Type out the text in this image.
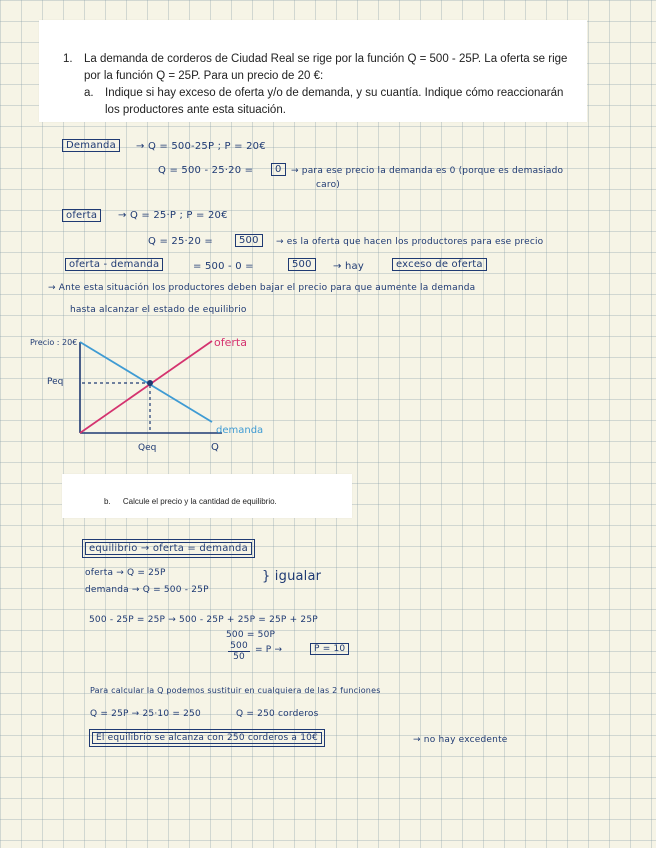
1. La demanda de corderos de Ciudad Real se rige por la función Q = 500 - 25P. La oferta se rige
por la función Q = 25P. Para un precio de 20 €:
a. Indique si hay exceso de oferta y/o de demanda, y su cuantía. Indique cómo reaccionarán
los productores ante esta situación.
Demanda	→ Q = 500-25P ; P = 20€
Q = 500 - 25·20 =	0	→ para ese precio la demanda es 0 (porque es demasiado
caro)
oferta	→ Q = 25·P ; P = 20€
Q = 25·20 =	500	→ es la oferta que hacen los productores para ese precio
oferta - demanda	= 500 - 0 =	500	→ hay	exceso de oferta
→ Ante esta situación los productores deben bajar el precio para que aumente la demanda
hasta alcanzar el estado de equilibrio
Precio : 20€
Peq
Qeq	Q
oferta
demanda
b. Calcule el precio y la cantidad de equilibrio.
equilibrio → oferta = demanda
oferta → Q = 25P
demanda → Q = 500 - 25P
} igualar
500 - 25P = 25P → 500 - 25P + 25P = 25P + 25P
500 = 50P
$\frac{500}{50} = P$ →	P = 10
Para calcular la Q podemos sustituir en cualquiera de las 2 funciones
Q = 25P → 25·10 = 250	Q = 250 corderos
El equilibrio se alcanza con 250 corderos a 10€	→ no hay excedente
